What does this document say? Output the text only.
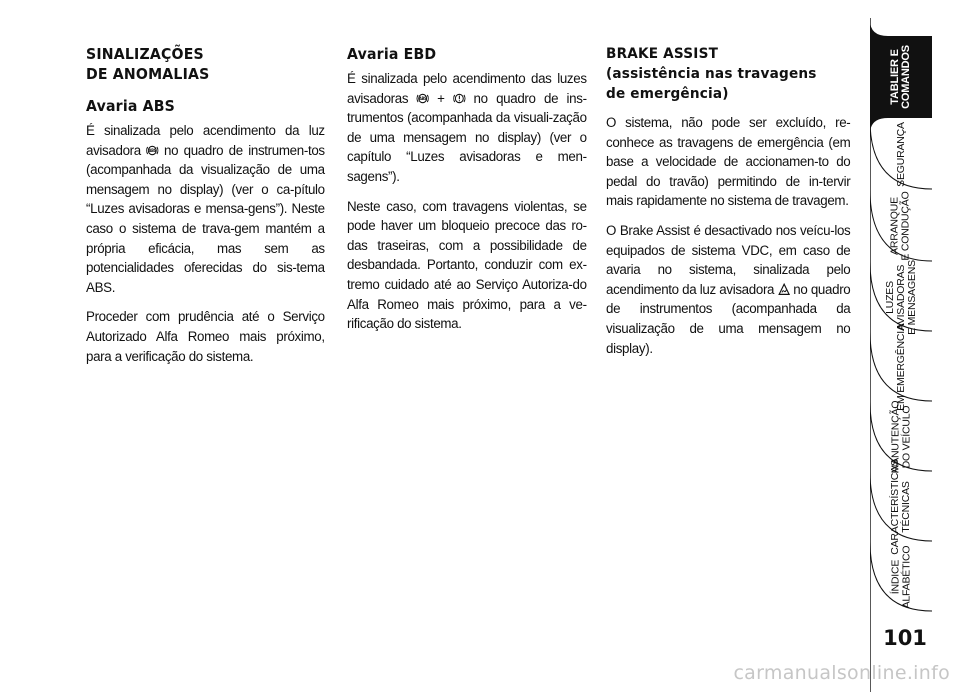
SINALIZAÇÕES
DE ANOMALIAS
Avaria ABS

É sinalizada pelo acendimento da luz avisadora ABS no quadro de instrumen-tos (acompanhada da visualização de uma mensagem no display) (ver o ca-pítulo “Luzes avisadoras e mensa-gens”). Neste caso o sistema de trava-gem mantém a própria eficácia, mas sem as potencialidades oferecidas do sis-tema ABS.

Proceder com prudência até o Serviço Autorizado Alfa Romeo mais próximo, para a verificação do sistema.

Avaria EBD

É sinalizada pelo acendimento das luzes avisadoras ABS +  no quadro de ins-trumentos (acompanhada da visuali-zação de uma mensagem no display) (ver o capítulo “Luzes avisadoras e men-sagens”).

Neste caso, com travagens violentas, se pode haver um bloqueio precoce das ro-das traseiras, com a possibilidade de desbandada. Portanto, conduzir com ex-tremo cuidado até ao Serviço Autoriza-do Alfa Romeo mais próximo, para a ve-rificação do sistema.

BRAKE ASSIST
(assistência nas travagens
de emergência)

O sistema, não pode ser excluído, re-conhece as travagens de emergência (em base a velocidade de accionamen-to do pedal do travão) permitindo de in-tervir mais rapidamente no sistema de travagem.

O Brake Assist é desactivado nos veícu-los equipados de sistema VDC, em caso de avaria no sistema, sinalizada pelo acendimento da luz avisadora  no quadro de instrumentos (acompanhada da visualização de uma mensagem no display).

TABLIER E COMANDOS
SEGURANÇA
ARRANQUE E CONDUÇÃO
LUZES AVISADORAS E MENSAGENS
EM EMERGÊNCIA
MANUTENÇÃO DO VEÍCULO
CARACTERÍSTICAS TÉCNICAS
ÍNDICE ALFABÉTICO
101
carmanualsonline.info
